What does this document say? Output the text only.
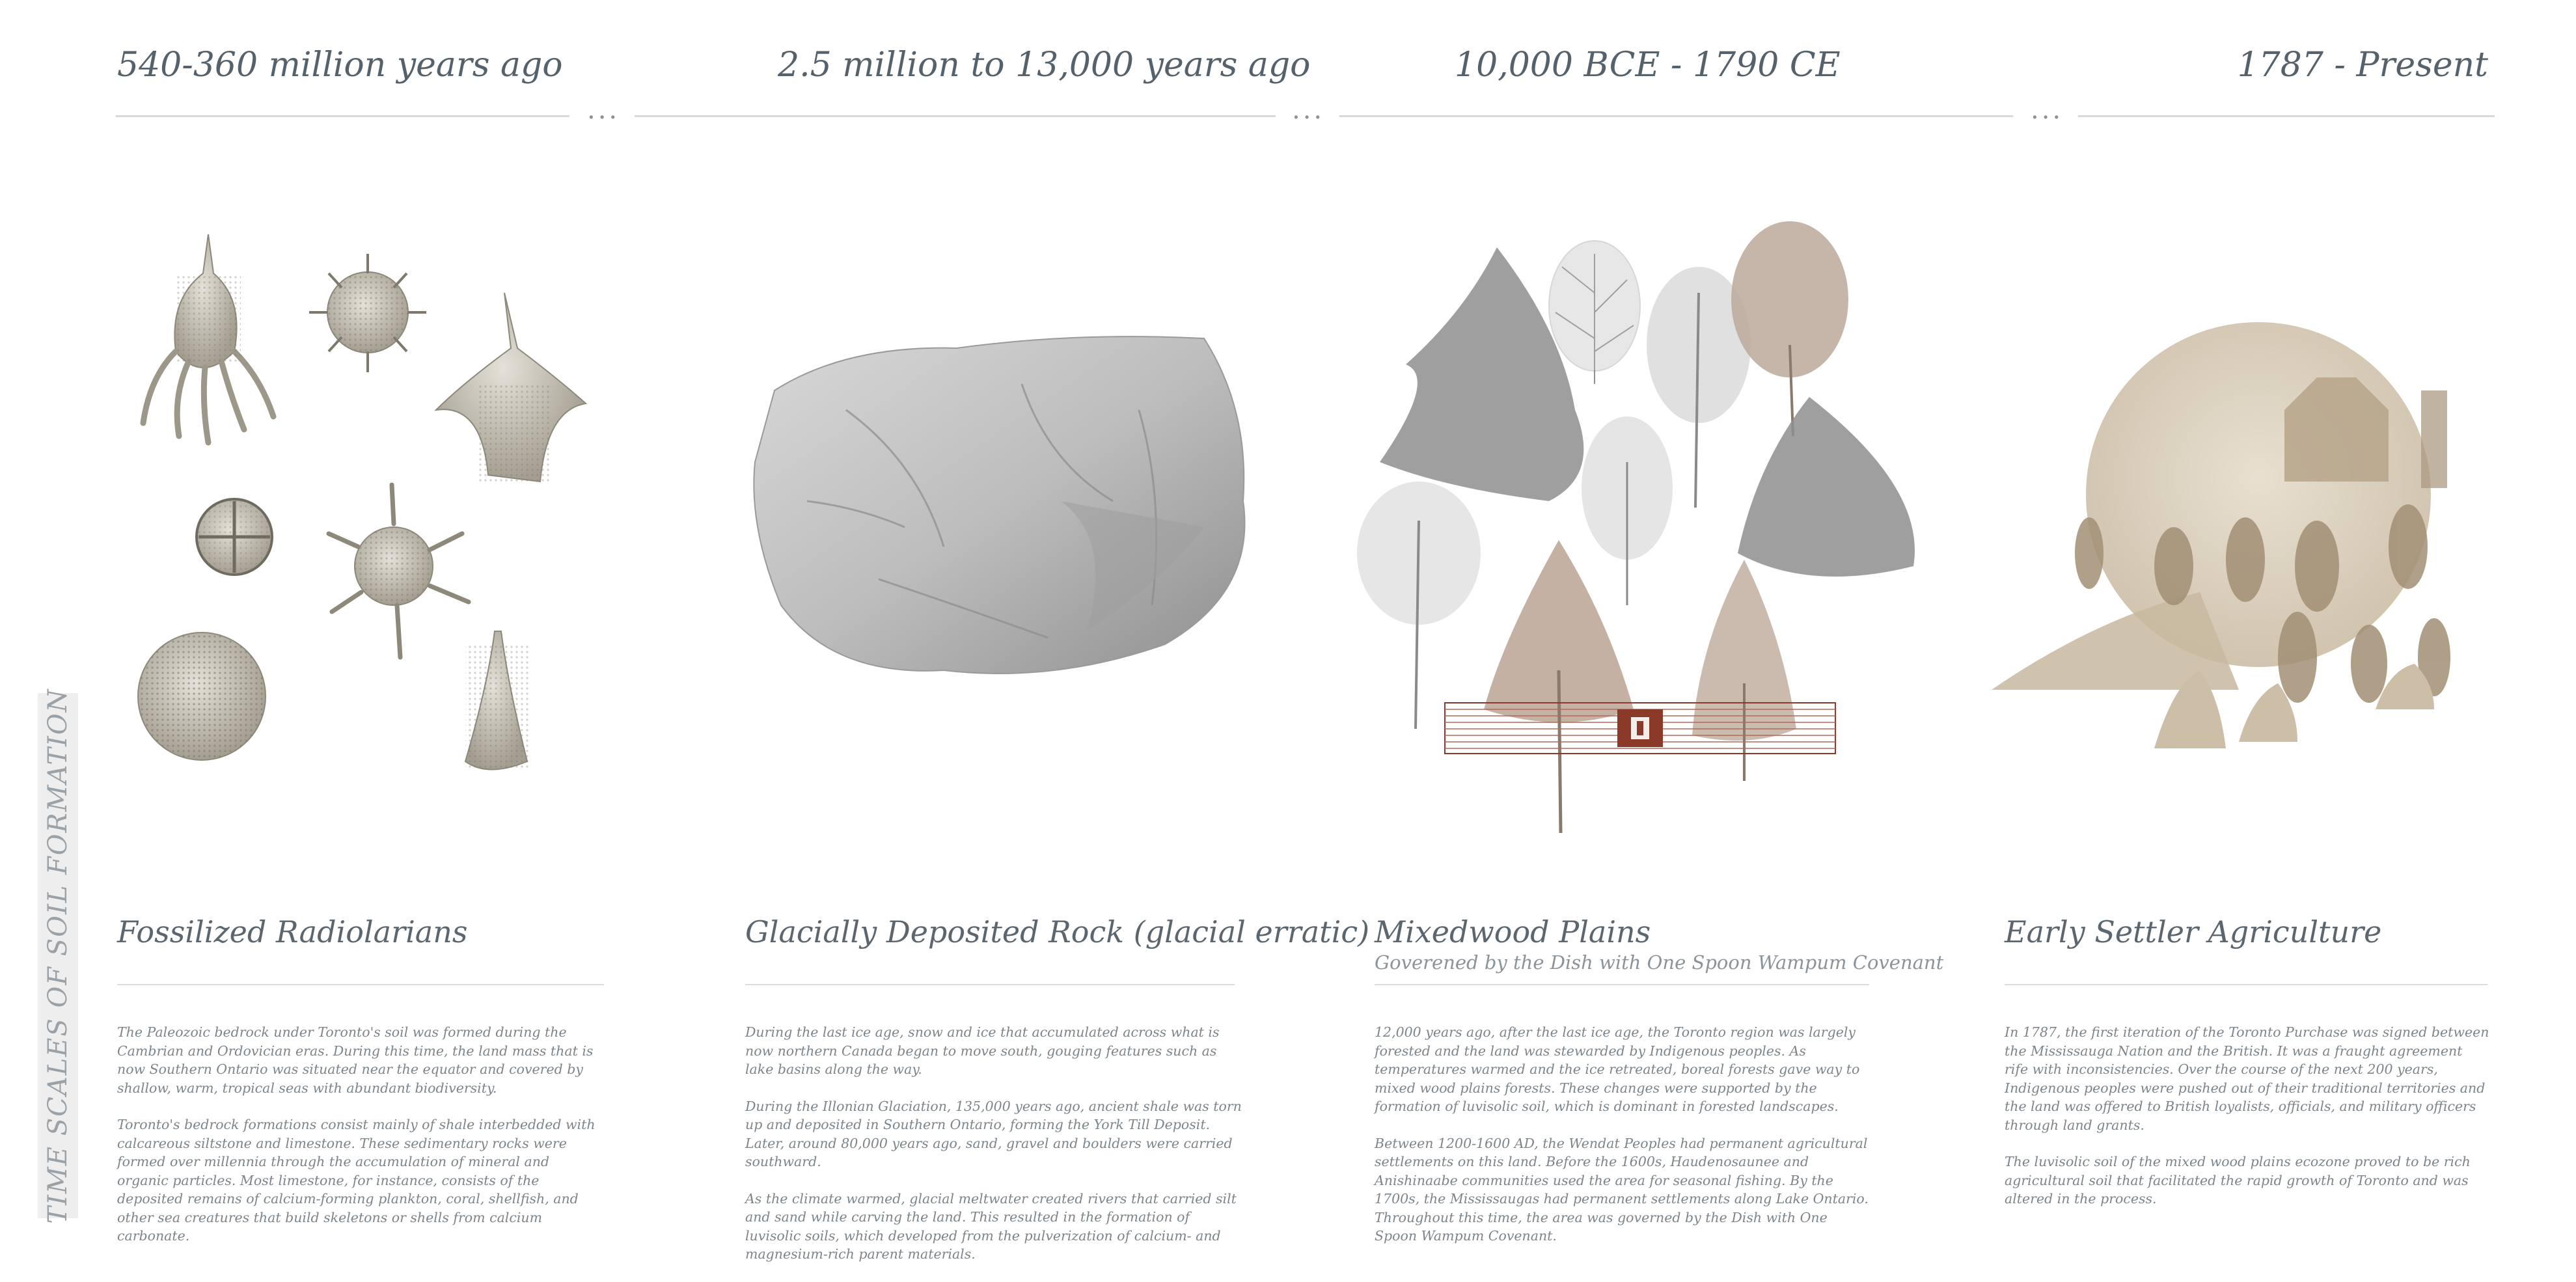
540-360 million years ago	2.5 million to 13,000 years ago	10,000 BCE - 1790 CE	1787 - Present
...	...	...
TIME SCALES OF SOIL FORMATION Fossilized Radiolarians

The Paleozoic bedrock under Toronto's soil was formed during the Cambrian and Ordovician eras. During this time, the land mass that is now Southern Ontario was situated near the equator and covered by shallow, warm, tropical seas with abundant biodiversity.

Toronto's bedrock formations consist mainly of shale interbedded with calcareous siltstone and limestone. These sedimentary rocks were formed over millennia through the accumulation of mineral and organic particles. Most limestone, for instance, consists of the deposited remains of calcium-forming plankton, coral, shellfish, and other sea creatures that build skeletons or shells from calcium carbonate.

Glacially Deposited Rock (glacial erratic)

During the last ice age, snow and ice that accumulated across what is now northern Canada began to move south, gouging features such as lake basins along the way.

During the Illonian Glaciation, 135,000 years ago, ancient shale was torn up and deposited in Southern Ontario, forming the York Till Deposit. Later, around 80,000 years ago, sand, gravel and boulders were carried southward.

As the climate warmed, glacial meltwater created rivers that carried silt and sand while carving the land. This resulted in the formation of luvisolic soils, which developed from the pulverization of calcium- and magnesium-rich parent materials.

Mixedwood Plains
Goverened by the Dish with One Spoon Wampum Covenant

12,000 years ago, after the last ice age, the Toronto region was largely forested and the land was stewarded by Indigenous peoples. As temperatures warmed and the ice retreated, boreal forests gave way to mixed wood plains forests. These changes were supported by the formation of luvisolic soil, which is dominant in forested landscapes.

Between 1200-1600 AD, the Wendat Peoples had permanent agricultural settlements on this land. Before the 1600s, Haudenosaunee and Anishinaabe communities used the area for seasonal fishing. By the 1700s, the Mississaugas had permanent settlements along Lake Ontario. Throughout this time, the area was governed by the Dish with One Spoon Wampum Covenant.

Early Settler Agriculture

In 1787, the first iteration of the Toronto Purchase was signed between the Mississauga Nation and the British. It was a fraught agreement rife with inconsistencies. Over the course of the next 200 years, Indigenous peoples were pushed out of their traditional territories and the land was offered to British loyalists, officials, and military officers through land grants.

The luvisolic soil of the mixed wood plains ecozone proved to be rich agricultural soil that facilitated the rapid growth of Toronto and was altered in the process.
